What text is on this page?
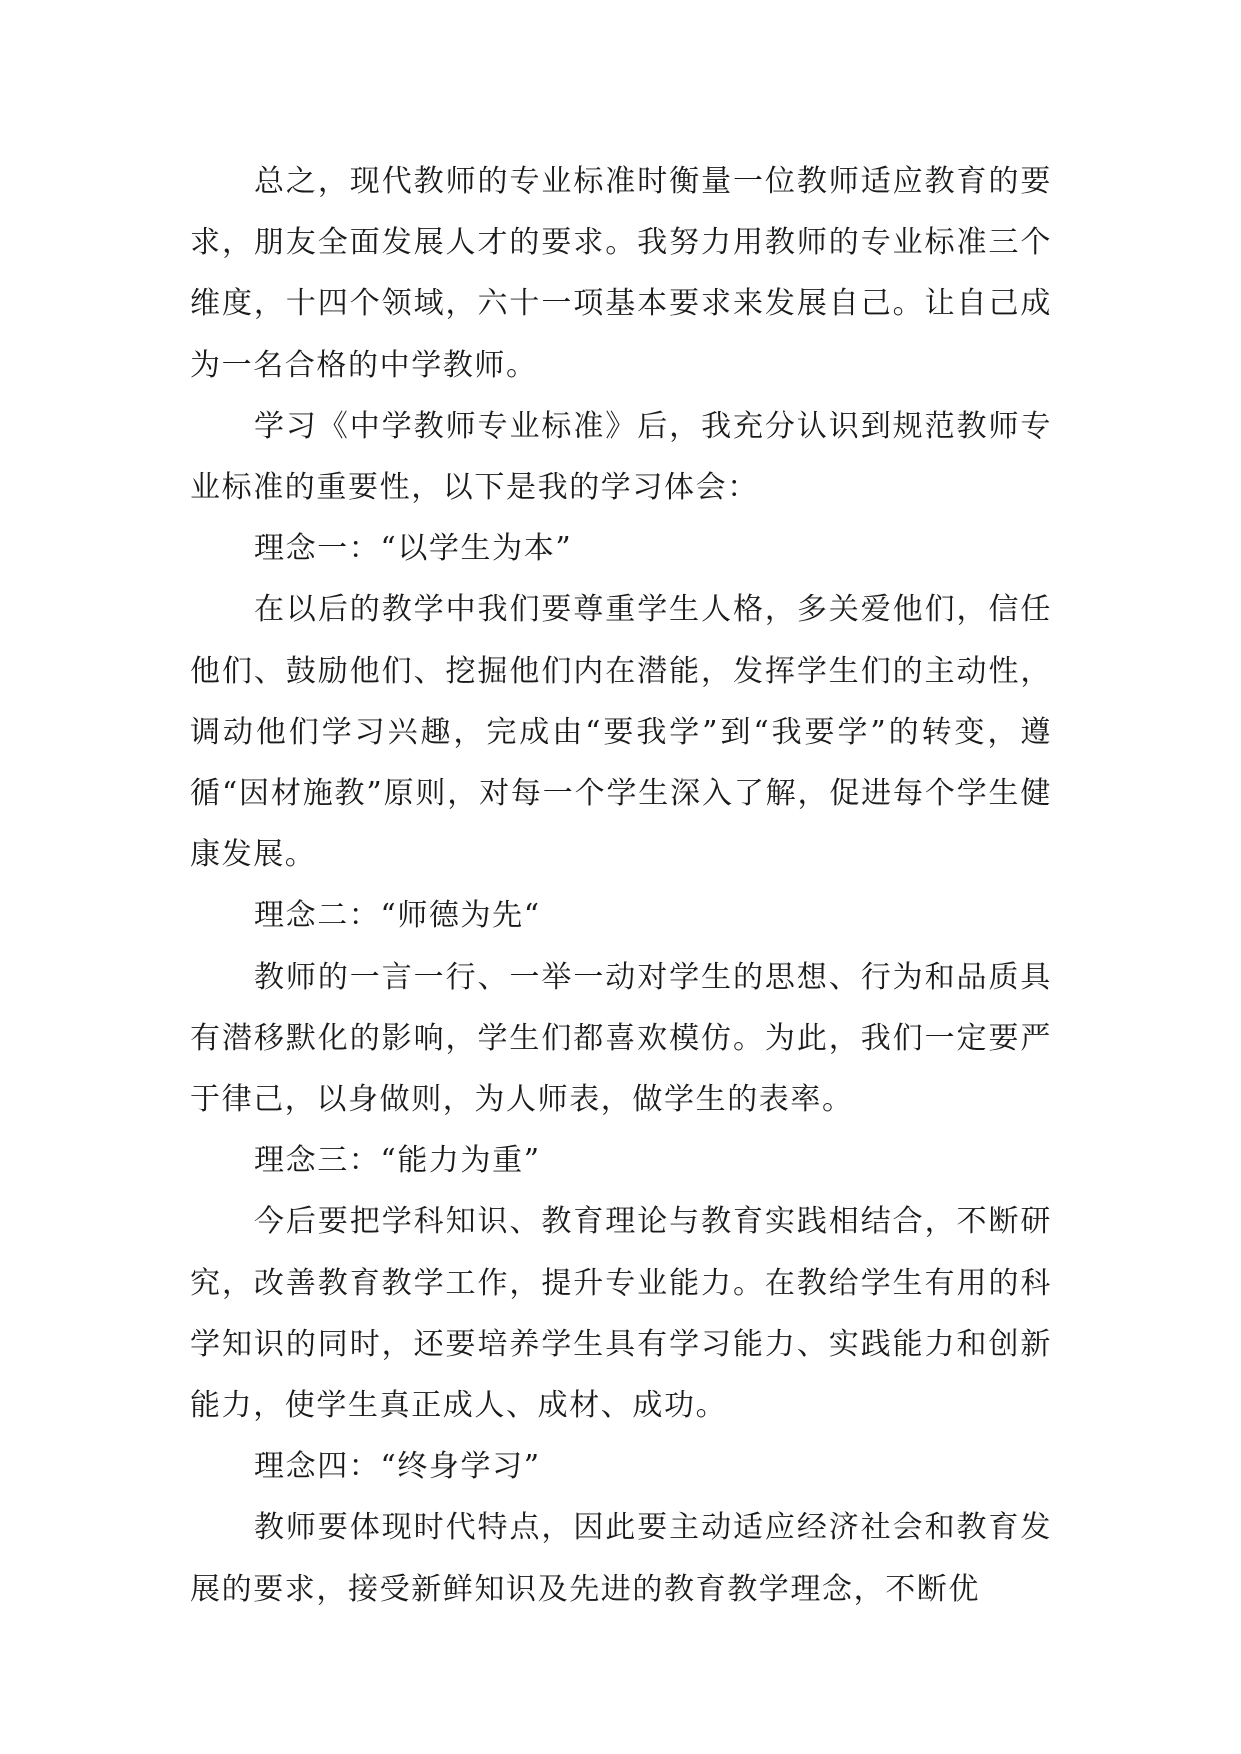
总之，现代教师的专业标准时衡量一位教师适应教育的要求，朋友全面发展人才的要求。我努力用教师的专业标准三个维度，十四个领域，六十一项基本要求来发展自己。让自己成为一名合格的中学教师。

学习《中学教师专业标准》后，我充分认识到规范教师专业标准的重要性，以下是我的学习体会：

理念一：“以学生为本”

在以后的教学中我们要尊重学生人格，多关爱他们，信任他们、鼓励他们、挖掘他们内在潜能，发挥学生们的主动性，调动他们学习兴趣，完成由“要我学”到“我要学”的转变，遵循“因材施教”原则，对每一个学生深入了解，促进每个学生健康发展。

理念二：“师德为先“

教师的一言一行、一举一动对学生的思想、行为和品质具有潜移默化的影响，学生们都喜欢模仿。为此，我们一定要严于律己，以身做则，为人师表，做学生的表率。

理念三：“能力为重”

今后要把学科知识、教育理论与教育实践相结合，不断研究，改善教育教学工作，提升专业能力。在教给学生有用的科学知识的同时，还要培养学生具有学习能力、实践能力和创新能力，使学生真正成人、成材、成功。

理念四：“终身学习”

教师要体现时代特点，因此要主动适应经济社会和教育发展的要求，接受新鲜知识及先进的教育教学理念，不断优
